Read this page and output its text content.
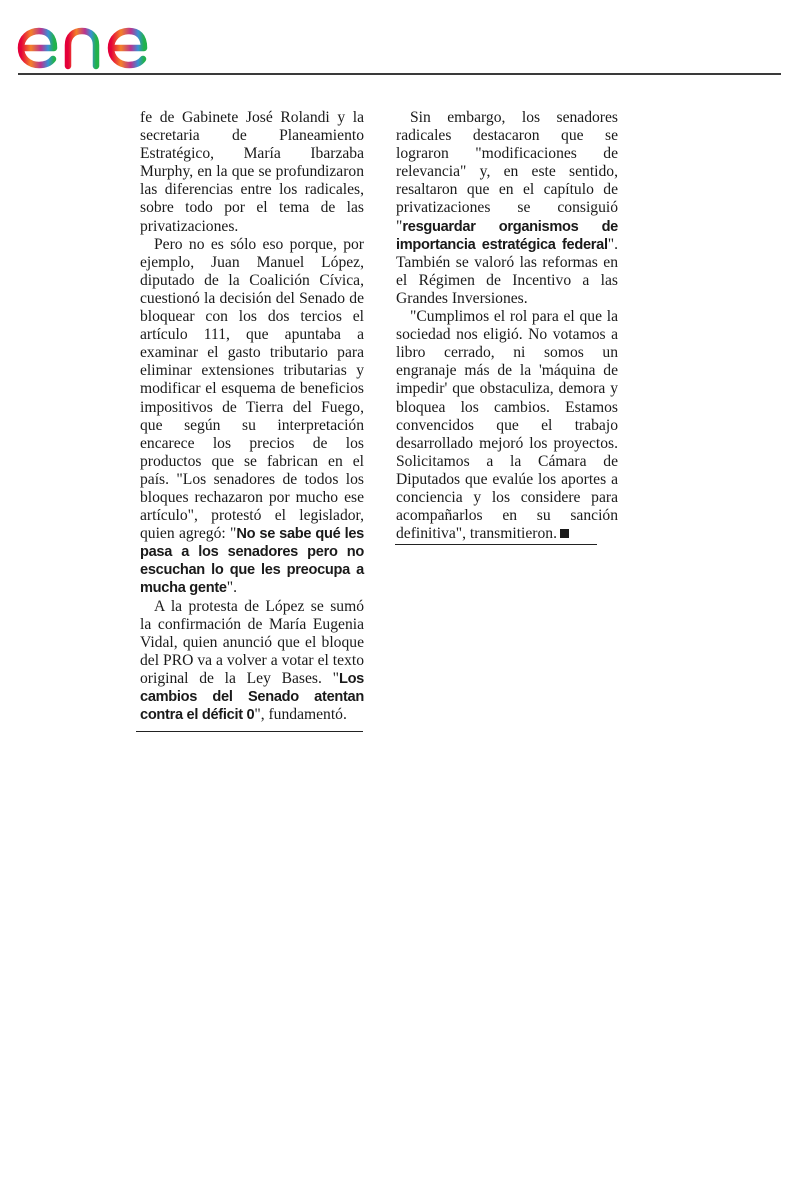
fe de Gabinete José Rolandi y la secretaria de Planeamiento Estratégico, María Ibarzaba Murphy, en la que se profundizaron las diferencias entre los radicales, sobre todo por el tema de las privatizaciones.

Pero no es sólo eso porque, por ejemplo, Juan Manuel López, diputado de la Coalición Cívica, cuestionó la decisión del Senado de bloquear con los dos tercios el artículo 111, que apuntaba a examinar el gasto tributario para eliminar extensiones tributarias y modificar el esquema de beneficios impositivos de Tierra del Fuego, que según su interpretación encarece los precios de los productos que se fabrican en el país. "Los senadores de todos los bloques rechazaron por mucho ese artículo", protestó el legislador, quien agregó: "No se sabe qué les pasa a los senadores pero no escuchan lo que les preocupa a mucha gente".

A la protesta de López se sumó la confirmación de María Eugenia Vidal, quien anunció que el bloque del PRO va a volver a votar el texto original de la Ley Bases. "Los cambios del Senado atentan contra el déficit 0", fundamentó.

Sin embargo, los senadores radicales destacaron que se lograron "modificaciones de relevancia" y, en este sentido, resaltaron que en el capítulo de privatizaciones se consiguió "resguardar organismos de importancia estratégica federal". También se valoró las reformas en el Régimen de Incentivo a las Grandes Inversiones.

"Cumplimos el rol para el que la sociedad nos eligió. No votamos a libro cerrado, ni somos un engranaje más de la 'máquina de impedir' que obstaculiza, demora y bloquea los cambios. Estamos convencidos que el trabajo desarrollado mejoró los proyectos. Solicitamos a la Cámara de Diputados que evalúe los aportes a conciencia y los considere para acompañarlos en su sanción definitiva", transmitieron.
